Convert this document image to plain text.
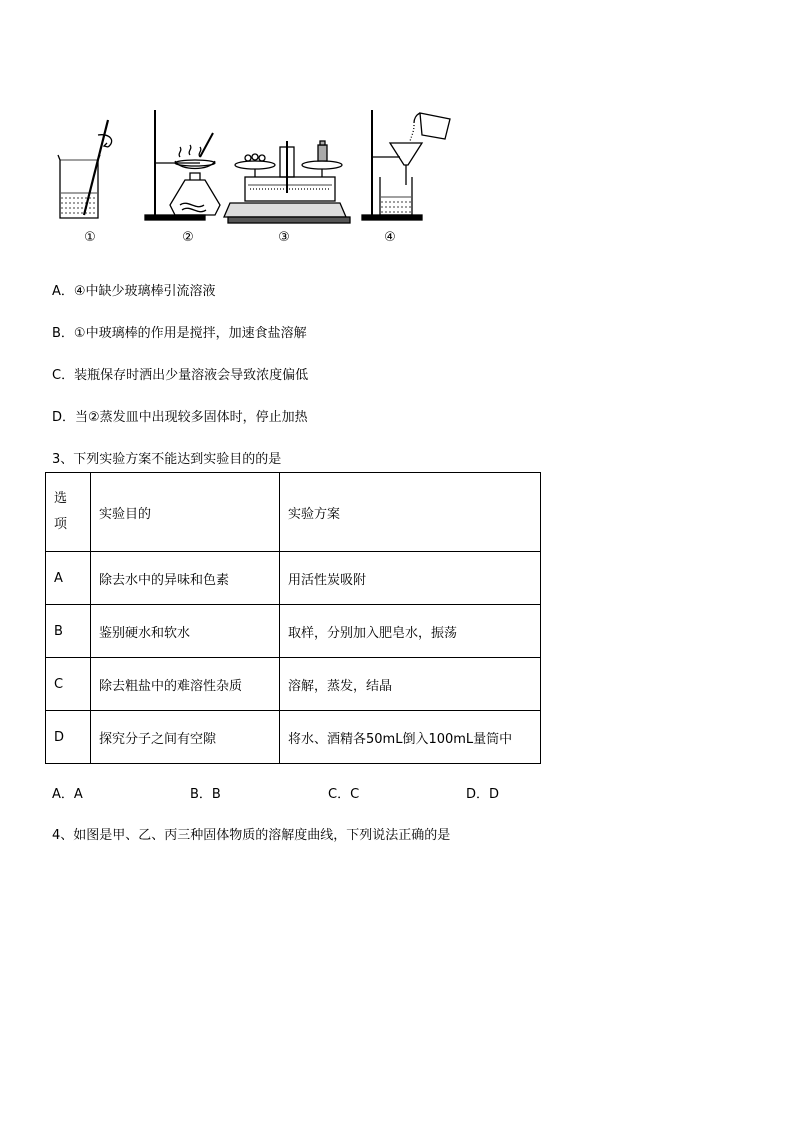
①	②	③	④
A．④中缺少玻璃棒引流溶液
B．①中玻璃棒的作用是搅拌，加速食盐溶解
C．装瓶保存时洒出少量溶液会导致浓度偏低
D．当②蒸发皿中出现较多固体时，停止加热
3、下列实验方案不能达到实验目的的是
选
项	实验目的	实验方案
A	除去水中的异味和色素	用活性炭吸附
B	鉴别硬水和软水	取样，分别加入肥皂水，振荡
C	除去粗盐中的难溶性杂质	溶解，蒸发，结晶
D	探究分子之间有空隙	将水、酒精各50mL倒入100mL量筒中
A．A	B．B	C．C	D．D
4、如图是甲、乙、丙三种固体物质的溶解度曲线，下列说法正确的是
